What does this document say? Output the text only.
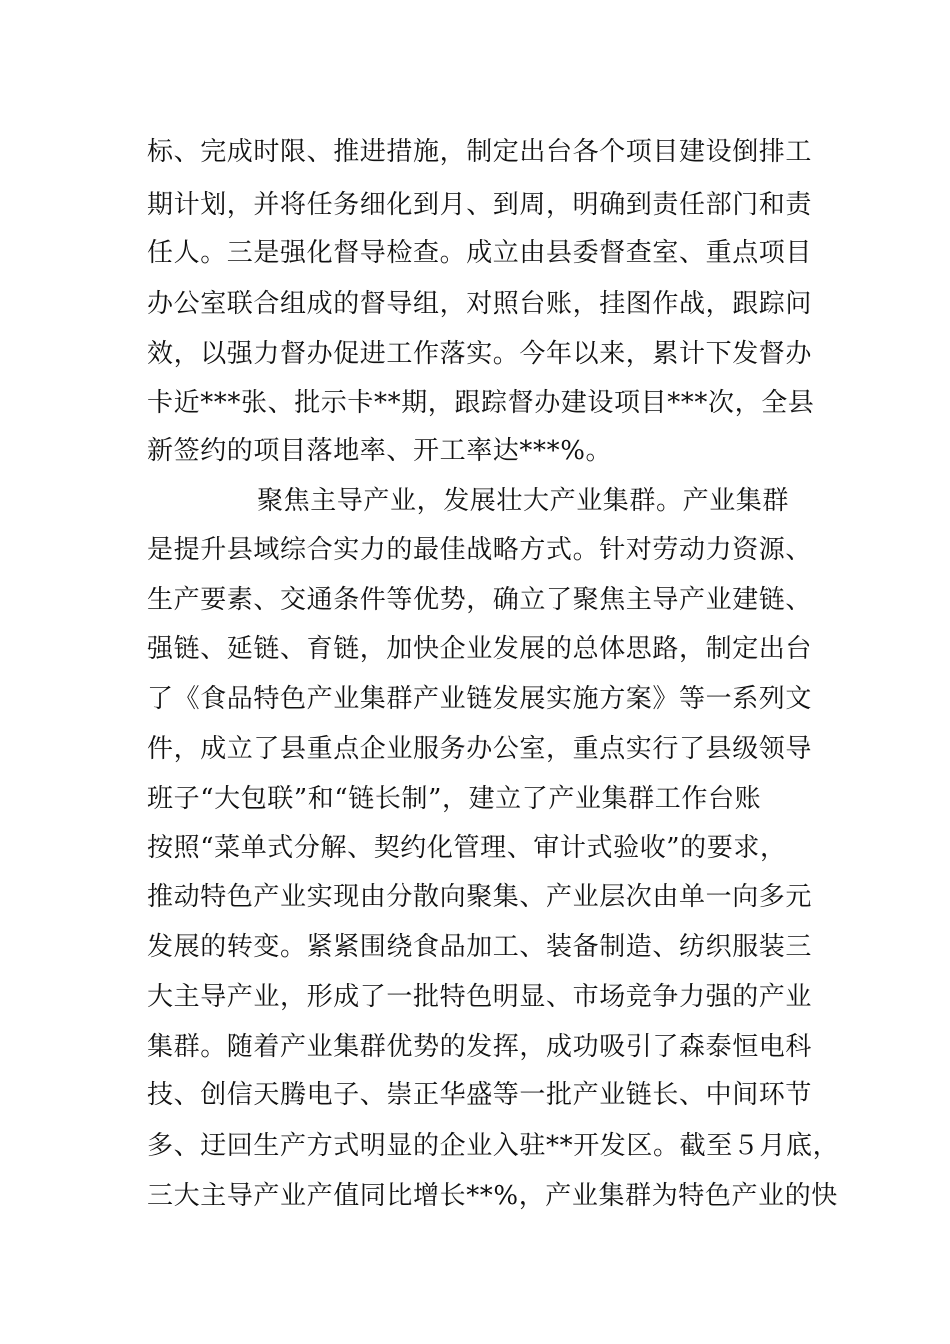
标、完成时限、推进措施，制定出台各个项目建设倒排工
期计划，并将任务细化到月、到周，明确到责任部门和责
任人。三是强化督导检查。成立由县委督查室、重点项目
办公室联合组成的督导组，对照台账，挂图作战，跟踪问
效，以强力督办促进工作落实。今年以来，累计下发督办
卡近***张、批示卡**期，跟踪督办建设项目***次，全县
新签约的项目落地率、开工率达***%。
聚焦主导产业，发展壮大产业集群。产业集群
是提升县域综合实力的最佳战略方式。针对劳动力资源、
生产要素、交通条件等优势，确立了聚焦主导产业建链、
强链、延链、育链，加快企业发展的总体思路，制定出台
了《食品特色产业集群产业链发展实施方案》等一系列文
件，成立了县重点企业服务办公室，重点实行了县级领导
班子“大包联”和“链长制”，建立了产业集群工作台账
按照“菜单式分解、契约化管理、审计式验收”的要求，
推动特色产业实现由分散向聚集、产业层次由单一向多元
发展的转变。紧紧围绕食品加工、装备制造、纺织服装三
大主导产业，形成了一批特色明显、市场竞争力强的产业
集群。随着产业集群优势的发挥，成功吸引了森泰恒电科
技、创信天腾电子、崇正华盛等一批产业链长、中间环节
多、迂回生产方式明显的企业入驻**开发区。截至５月底，
三大主导产业产值同比增长**%，产业集群为特色产业的快
